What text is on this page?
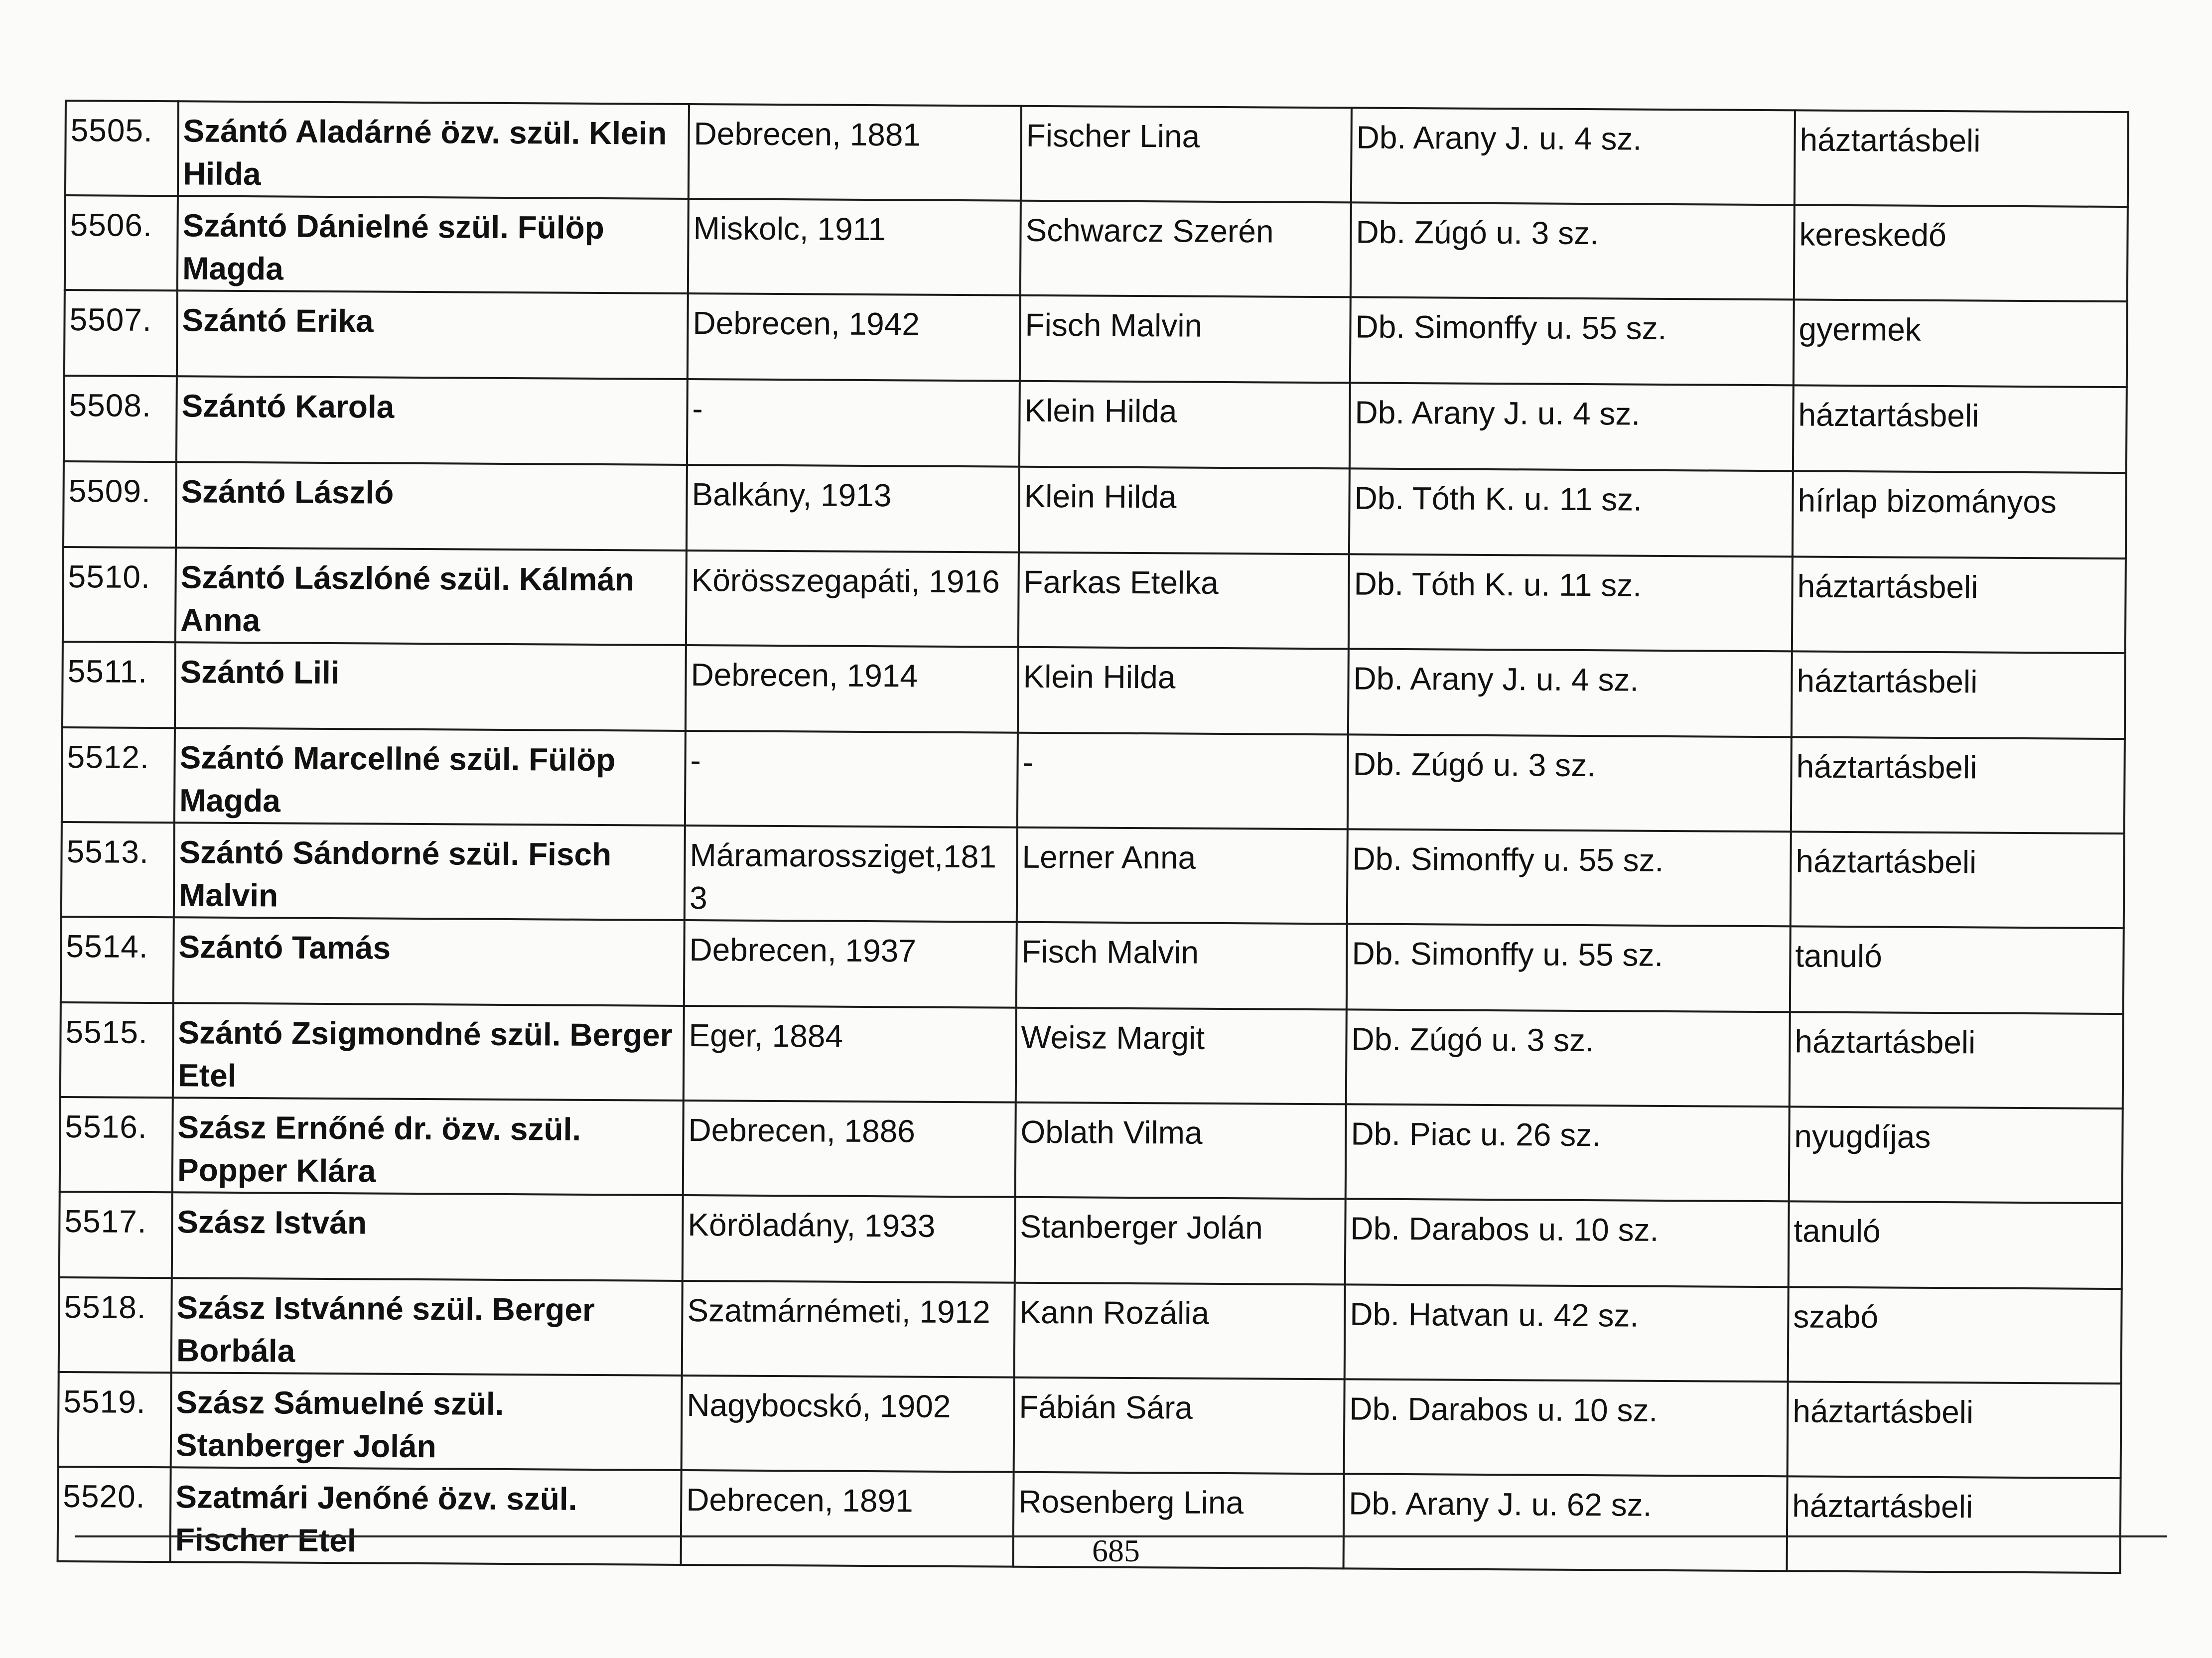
5505.	Szántó Aladárné özv. szül. Klein Hilda	Debrecen, 1881	Fischer Lina	Db. Arany J. u. 4 sz.	háztartásbeli
5506.	Szántó Dánielné szül. Fülöp Magda	Miskolc, 1911	Schwarcz Szerén	Db. Zúgó u. 3 sz.	kereskedő
5507.	Szántó Erika	Debrecen, 1942	Fisch Malvin	Db. Simonffy u. 55 sz.	gyermek
5508.	Szántó Karola	-	Klein Hilda	Db. Arany J. u. 4 sz.	háztartásbeli
5509.	Szántó László	Balkány, 1913	Klein Hilda	Db. Tóth K. u. 11 sz.	hírlap bizományos
5510.	Szántó Lászlóné szül. Kálmán Anna	Körösszegapáti, 1916	Farkas Etelka	Db. Tóth K. u. 11 sz.	háztartásbeli
5511.	Szántó Lili	Debrecen, 1914	Klein Hilda	Db. Arany J. u. 4 sz.	háztartásbeli
5512.	Szántó Marcellné szül. Fülöp Magda	-	-	Db. Zúgó u. 3 sz.	háztartásbeli
5513.	Szántó Sándorné szül. Fisch Malvin	Máramarossziget,1813	Lerner Anna	Db. Simonffy u. 55 sz.	háztartásbeli
5514.	Szántó Tamás	Debrecen, 1937	Fisch Malvin	Db. Simonffy u. 55 sz.	tanuló
5515.	Szántó Zsigmondné szül. Berger Etel	Eger, 1884	Weisz Margit	Db. Zúgó u. 3 sz.	háztartásbeli
5516.	Szász Ernőné dr. özv. szül. Popper Klára	Debrecen, 1886	Oblath Vilma	Db. Piac u. 26 sz.	nyugdíjas
5517.	Szász István	Köröladány, 1933	Stanberger Jolán	Db. Darabos u. 10 sz.	tanuló
5518.	Szász Istvánné szül. Berger Borbála	Szatmárnémeti, 1912	Kann Rozália	Db. Hatvan u. 42 sz.	szabó
5519.	Szász Sámuelné szül. Stanberger Jolán	Nagybocskó, 1902	Fábián Sára	Db. Darabos u. 10 sz.	háztartásbeli
5520.	Szatmári Jenőné özv. szül. Fischer Etel	Debrecen, 1891	Rosenberg Lina	Db. Arany J. u. 62 sz.	háztartásbeli
685
